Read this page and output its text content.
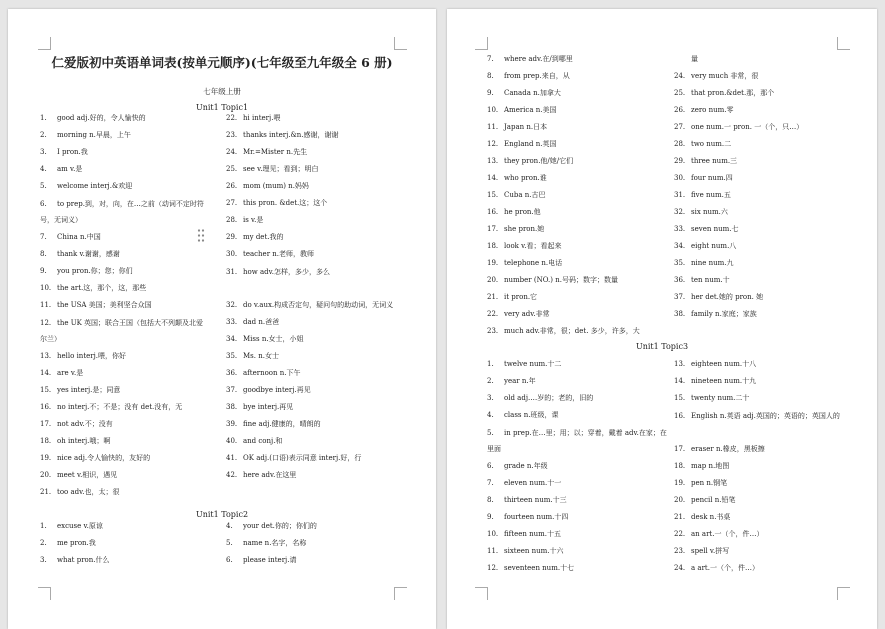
仁爱版初中英语单词表(按单元顺序)(七年级至九年级全 6 册)
七年级上册
Unit1 Topic1
1. good adj.好的，令人愉快的
2. morning n.早晨，上午
3. I pron.我
4. am v.是
5. welcome interj.&欢迎
6. to prep.到，对，向，在…之前（动词不定时符号，无词义）
7. China n.中国
8. thank v.谢谢，感谢
9. you pron.你；您；你们
10. the art.这，那个，这，那些
11. the USA 美国；美利坚合众国
12. the UK 英国；联合王国（包括大不列颠及北爱尔兰）
13. hello interj.喂，你好
14. are v.是
15. yes interj.是；同意
16. no interj.不；不是；没有 det.没有，无
17. not adv.不；没有
18. oh interj.哦；啊
19. nice adj.令人愉快的，友好的
20. meet v.相识，遇见
21. too adv.也，太；很
22. hi interj.喂
23. thanks interj.&n.感谢，谢谢
24. Mr.=Mister n.先生
25. see v.理见；看到；明白
26. mom (mum) n.妈妈
27. this pron. &det.这；这个
28. is v.是
29. my det.我的
30. teacher n.老师，教师
31. how adv.怎样，多少，多么
32. do v.aux.构成否定句，疑问句的助动词，无词义
33. dad n.爸爸
34. Miss n.女士，小姐
35. Ms. n.女士
36. afternoon n.下午
37. goodbye interj.再见
38. bye interj.再见
39. fine adj.健康的，晴朗的
40. and conj.和
41. OK adj.(口语)表示同意 interj.好，行
42. here adv.在这里
Unit1 Topic2
1. excuse v.原谅
2. me pron.我
3. what pron.什么
4. your det.你的；你们的
5. name n.名字，名称
6. please interj.请
7. where adv.在/到哪里
8. from prep.来自，从
9. Canada n.加拿大
10. America n.美国
11. Japan n.日本
12. England n.英国
13. they pron.他/她/它们
14. who pron.谁
15. Cuba n.古巴
16. he pron.他
17. she pron.她
18. look v.看；看起来
19. telephone n.电话
20. number (NO.) n.号码；数字；数量
21. it pron.它
22. very adv.非常
23. much adv.非常，很；det. 多少，许多，大
量
24. very much 非常，很
25. that pron.&det.那，那个
26. zero num.零
27. one num.一 pron. 一（个，只…）
28. two num.二
29. three num.三
30. four num.四
31. five num.五
32. six num.六
33. seven num.七
34. eight num.八
35. nine num.九
36. ten num.十
37. her det.她的 pron. 她
38. family n.家庭；家族
Unit1 Topic3
1. twelve num.十二
2. year n.年
3. old adj.…岁的；老的，旧的
4. class n.班级，课
5. in prep.在…里；用；以；穿着，戴着 adv.在家；在里面
6. grade n.年级
7. eleven num.十一
8. thirteen num.十三
9. fourteen num.十四
10. fifteen num.十五
11. sixteen num.十六
12. seventeen num.十七
13. eighteen num.十八
14. nineteen num.十九
15. twenty num.二十
16. English n.英语 adj.英国的；英语的；英国人的
17. eraser n.橡皮，黑板擦
18. map n.地图
19. pen n.钢笔
20. pencil n.铅笔
21. desk n.书桌
22. an art.一（个，件…）
23. spell v.拼写
24. a art.一（个，件…）
